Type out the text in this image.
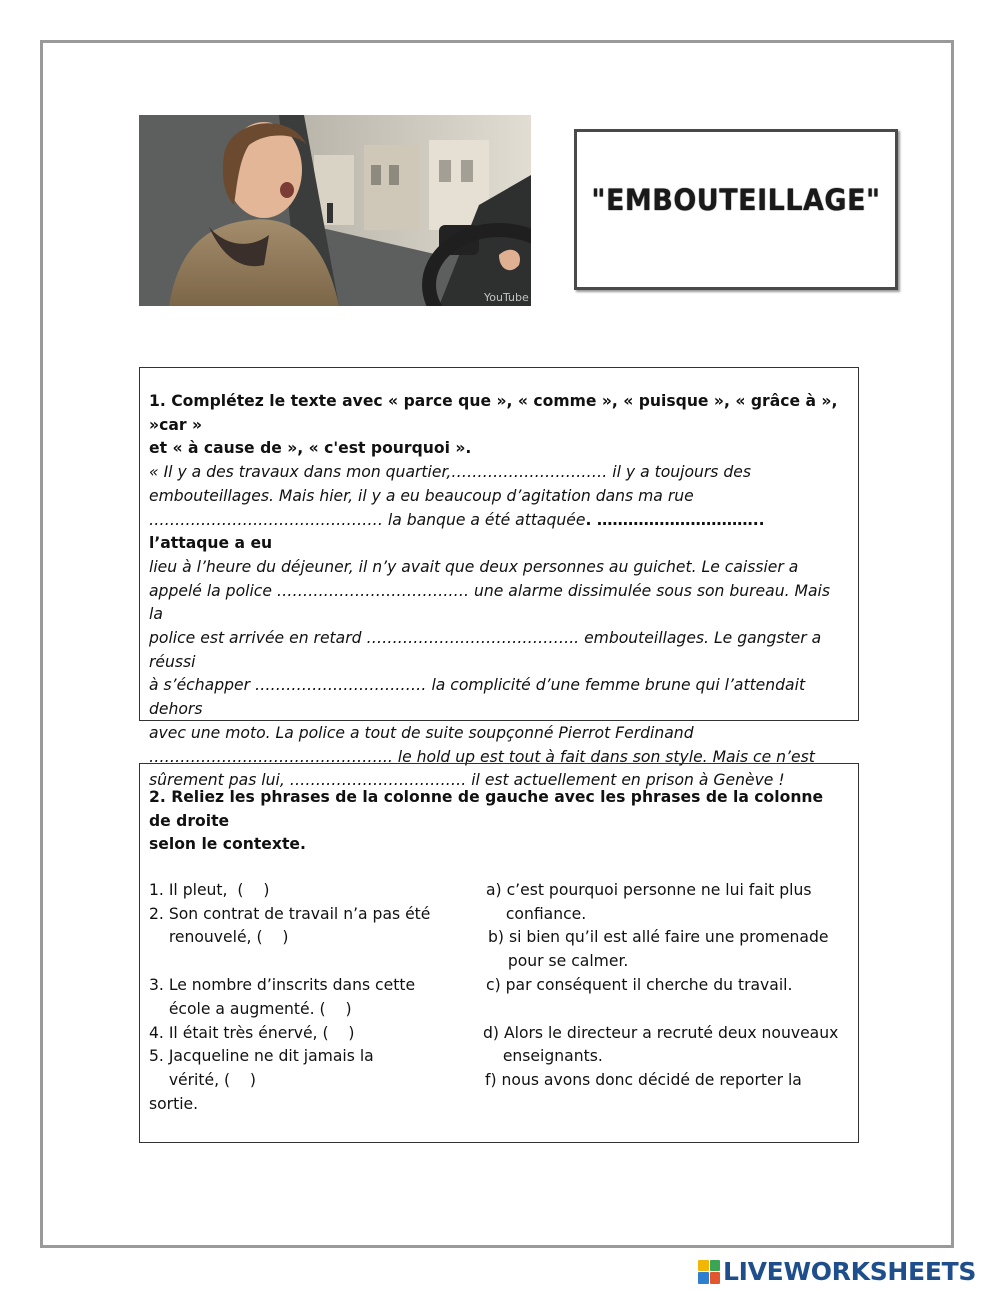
YouTube
"EMBOUTEILLAGE"
1. Complétez le texte avec « parce que », « comme », « puisque », « grâce à », »car »
et « à cause de », « c'est pourquoi ».
« Il y a des travaux dans mon quartier,………………………… il y a toujours des
embouteillages. Mais hier, il y a eu beaucoup d’agitation dans ma rue
……………………………………… la banque a été attaquée. ………………………….. l’attaque a eu
lieu à l’heure du déjeuner, il n’y avait que deux personnes au guichet. Le caissier a
appelé la police ………………………………. une alarme dissimulée sous son bureau. Mais la
police est arrivée en retard ………………………………….. embouteillages. Le gangster a réussi
à s’échapper …………………………… la complicité d’une femme brune qui l’attendait dehors
avec une moto. La police a tout de suite soupçonné Pierrot Ferdinand
……………………………………….. le hold up est tout à fait dans son style. Mais ce n’est
sûrement pas lui, ……………………………. il est actuellement en prison à Genève !
2. Reliez les phrases de la colonne de gauche avec les phrases de la colonne de droite
selon le contexte.
1. Il pleut,  (    )
2. Son contrat de travail n’a pas été
renouvelé, (    )
3. Le nombre d’inscrits dans cette
école a augmenté. (    )
4. Il était très énervé, (    )
5. Jacqueline ne dit jamais la
vérité, (    )
sortie.
a) c’est pourquoi personne ne lui fait plus
confiance.
b) si bien qu’il est allé faire une promenade
pour se calmer.
c) par conséquent il cherche du travail.
d) Alors le directeur a recruté deux nouveaux
enseignants.
f) nous avons donc décidé de reporter la
LIVEWORKSHEETS
